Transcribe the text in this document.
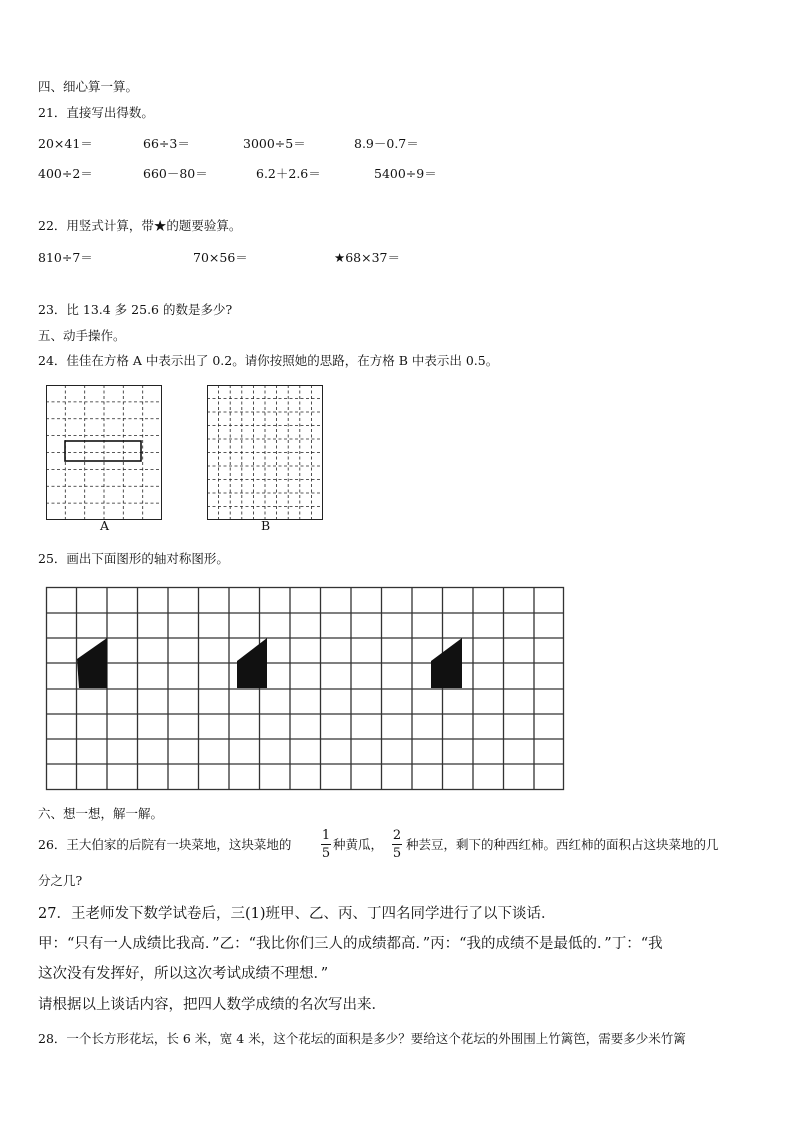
四、细心算一算。
21．直接写出得数。
20×41＝	66÷3＝	3000÷5＝	8.9－0.7＝
400÷2＝	660－80＝	6.2＋2.6＝	5400÷9＝
22．用竖式计算，带★的题要验算。
810÷7＝	70×56＝	★68×37＝
23．比 13.4 多 25.6 的数是多少?
五、动手操作。
24．佳佳在方格 A 中表示出了 0.2。请你按照她的思路，在方格 B 中表示出 0.5。
A	B
25．画出下面图形的轴对称图形。
六、想一想，解一解。
26．王大伯家的后院有一块菜地，这块菜地的
1
5
种黄瓜，
2
5
种芸豆，剩下的种西红柿。西红柿的面积占这块菜地的几
分之几?
27．王老师发下数学试卷后，三(1)班甲、乙、丙、丁四名同学进行了以下谈话．
甲：“只有一人成绩比我高．”乙：“我比你们三人的成绩都高．”丙：“我的成绩不是最低的．”丁：“我
这次没有发挥好，所以这次考试成绩不理想．”
请根据以上谈话内容，把四人数学成绩的名次写出来．
28．一个长方形花坛，长 6 米，宽 4 米，这个花坛的面积是多少？要给这个花坛的外围围上竹篱笆，需要多少米竹篱
